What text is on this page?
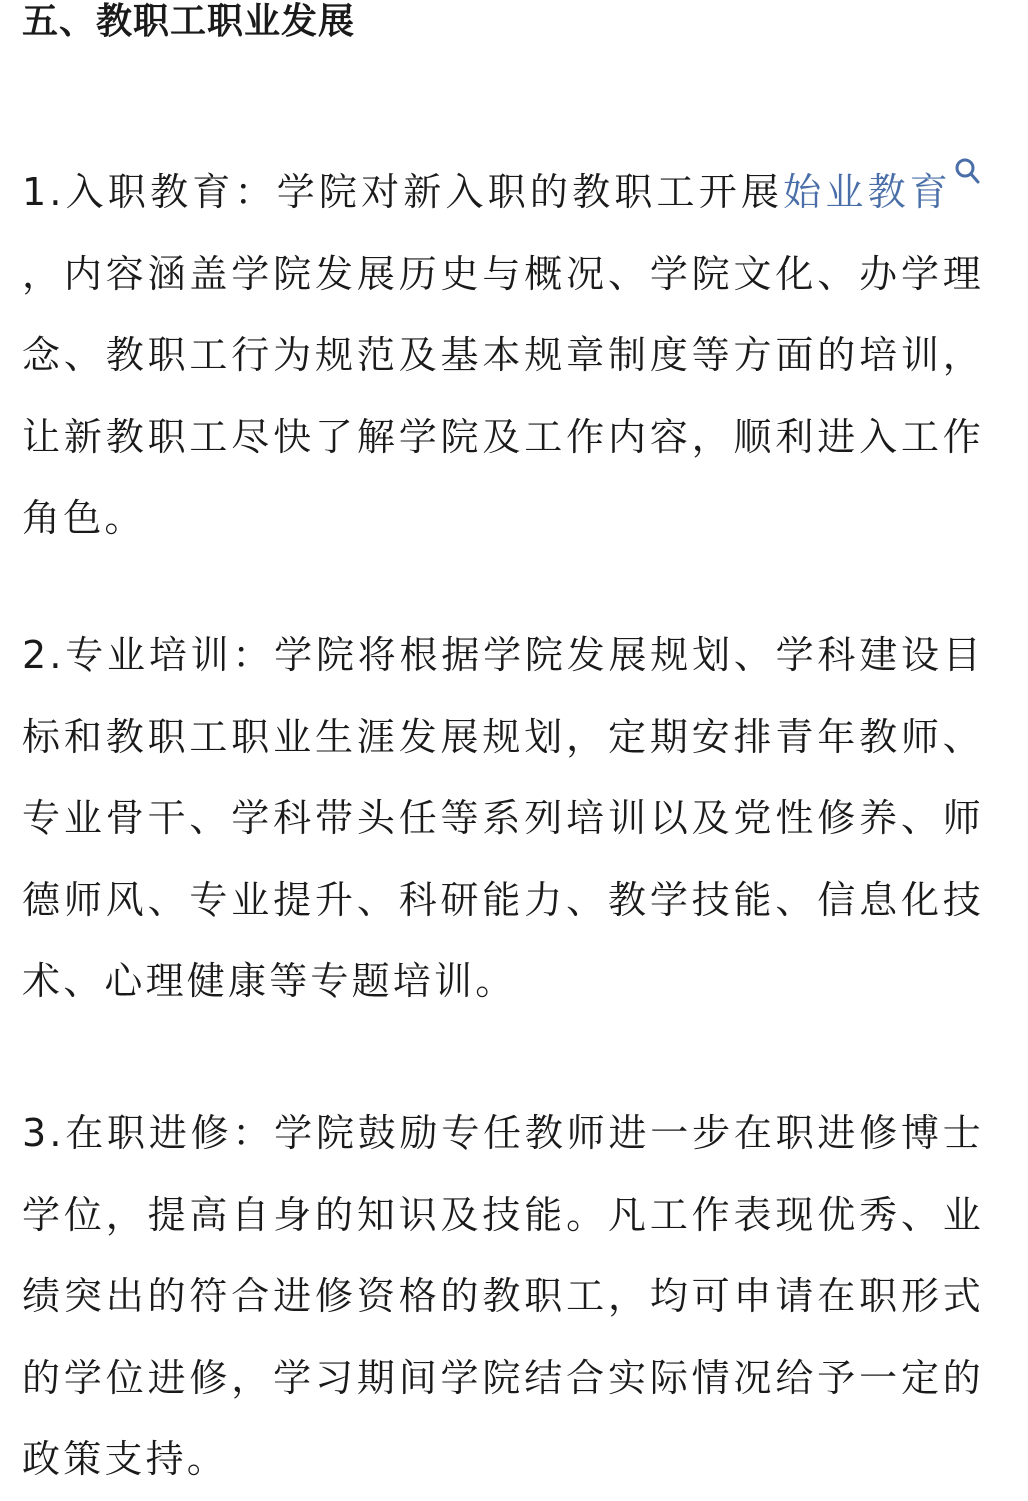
五、教职工职业发展

1.入职教育：学院对新入职的教职工开展始业教育，内容涵盖学院发展历史与概况、学院文化、办学理念、教职工行为规范及基本规章制度等方面的培训，让新教职工尽快了解学院及工作内容，顺利进入工作角色。

2.专业培训：学院将根据学院发展规划、学科建设目标和教职工职业生涯发展规划，定期安排青年教师、专业骨干、学科带头任等系列培训以及党性修养、师德师风、专业提升、科研能力、教学技能、信息化技术、心理健康等专题培训。

3.在职进修：学院鼓励专任教师进一步在职进修博士学位，提高自身的知识及技能。凡工作表现优秀、业绩突出的符合进修资格的教职工，均可申请在职形式的学位进修，学习期间学院结合实际情况给予一定的政策支持。
